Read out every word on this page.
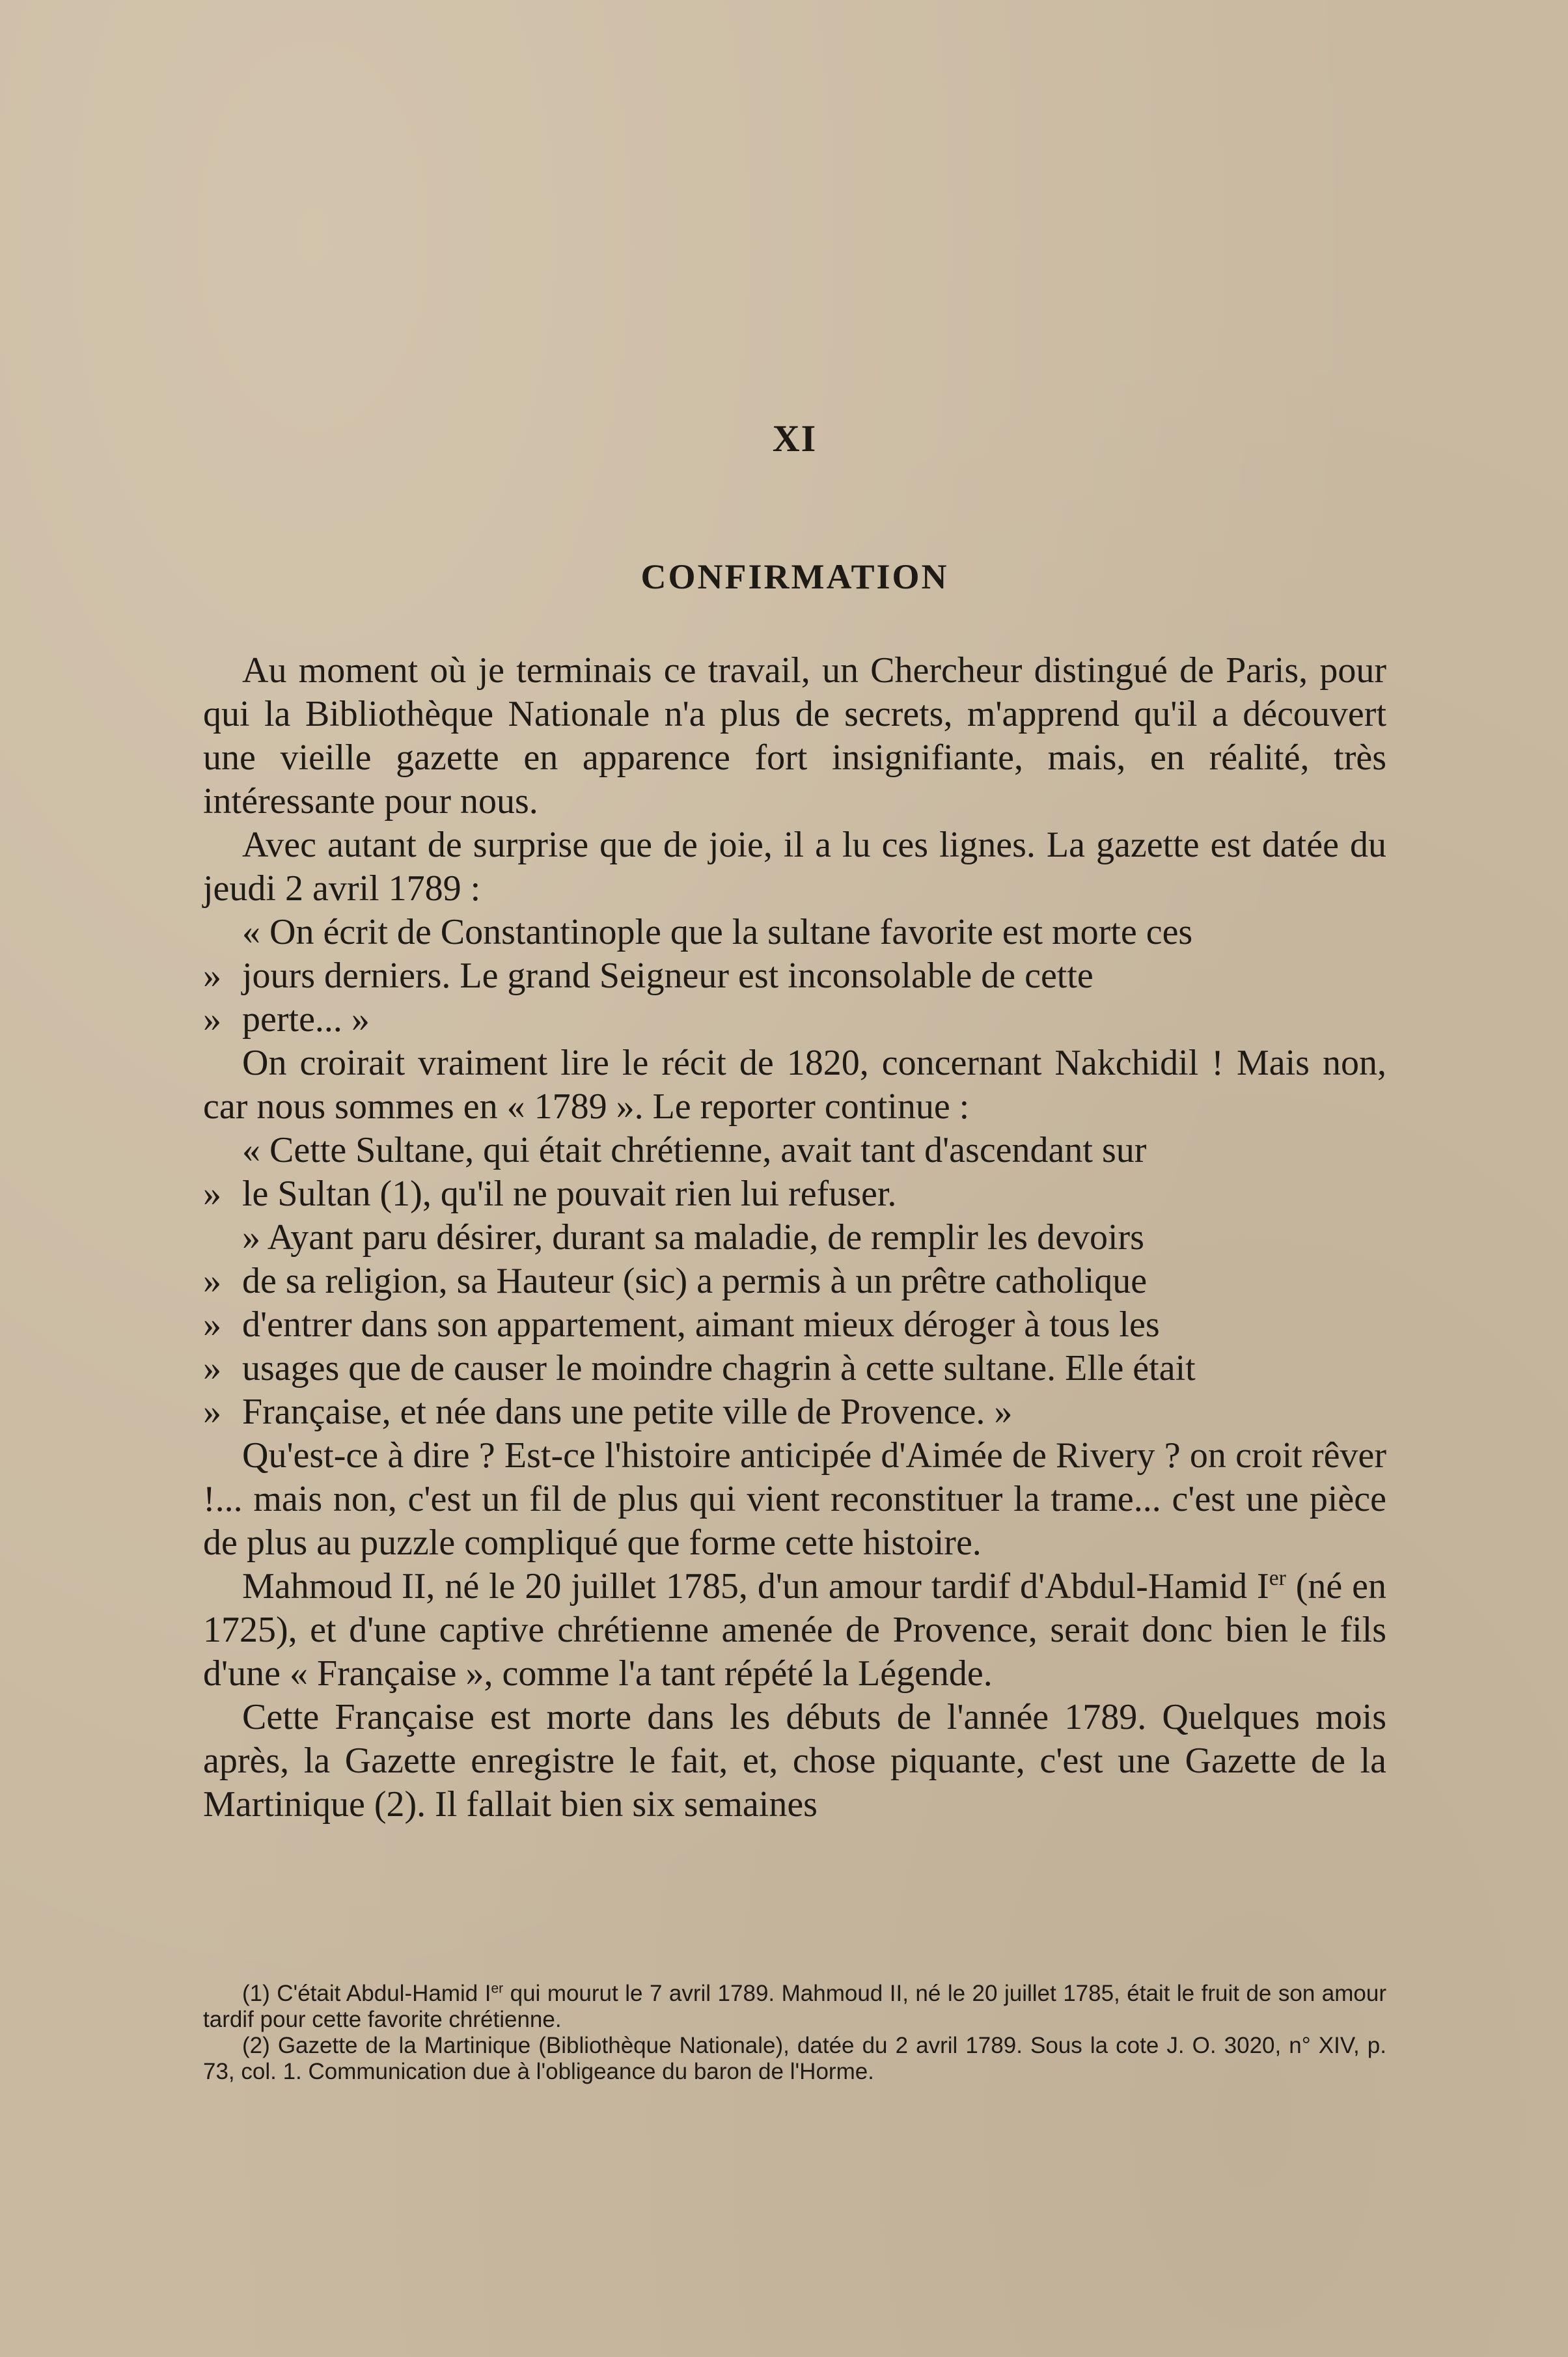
XI
CONFIRMATION

Au moment où je terminais ce travail, un Chercheur distingué de Paris, pour qui la Bibliothèque Nationale n'a plus de secrets, m'apprend qu'il a découvert une vieille gazette en apparence fort insignifiante, mais, en réalité, très intéressante pour nous.

Avec autant de surprise que de joie, il a lu ces lignes. La gazette est datée du jeudi 2 avril 1789 :

« On écrit de Constantinople que la sultane favorite est morte ces

» jours derniers. Le grand Seigneur est inconsolable de cette

» perte... »

On croirait vraiment lire le récit de 1820, concernant Nakchidil ! Mais non, car nous sommes en « 1789 ». Le reporter continue :

« Cette Sultane, qui était chrétienne, avait tant d'ascendant sur

» le Sultan (1), qu'il ne pouvait rien lui refuser.

» Ayant paru désirer, durant sa maladie, de remplir les devoirs

» de sa religion, sa Hauteur (sic) a permis à un prêtre catholique

» d'entrer dans son appartement, aimant mieux déroger à tous les

» usages que de causer le moindre chagrin à cette sultane. Elle était

» Française, et née dans une petite ville de Provence. »

Qu'est-ce à dire ? Est-ce l'histoire anticipée d'Aimée de Rivery ? on croit rêver !... mais non, c'est un fil de plus qui vient reconstituer la trame... c'est une pièce de plus au puzzle compliqué que forme cette histoire.

Mahmoud II, né le 20 juillet 1785, d'un amour tardif d'Abdul-Hamid Ier (né en 1725), et d'une captive chrétienne amenée de Provence, serait donc bien le fils d'une « Française », comme l'a tant répété la Légende.

Cette Française est morte dans les débuts de l'année 1789. Quelques mois après, la Gazette enregistre le fait, et, chose piquante, c'est une Gazette de la Martinique (2). Il fallait bien six semaines

(1) C'était Abdul-Hamid Ier qui mourut le 7 avril 1789. Mahmoud II, né le 20 juillet 1785, était le fruit de son amour tardif pour cette favorite chrétienne.

(2) Gazette de la Martinique (Bibliothèque Nationale), datée du 2 avril 1789. Sous la cote J. O. 3020, n° XIV, p. 73, col. 1. Communication due à l'obligeance du baron de l'Horme.
